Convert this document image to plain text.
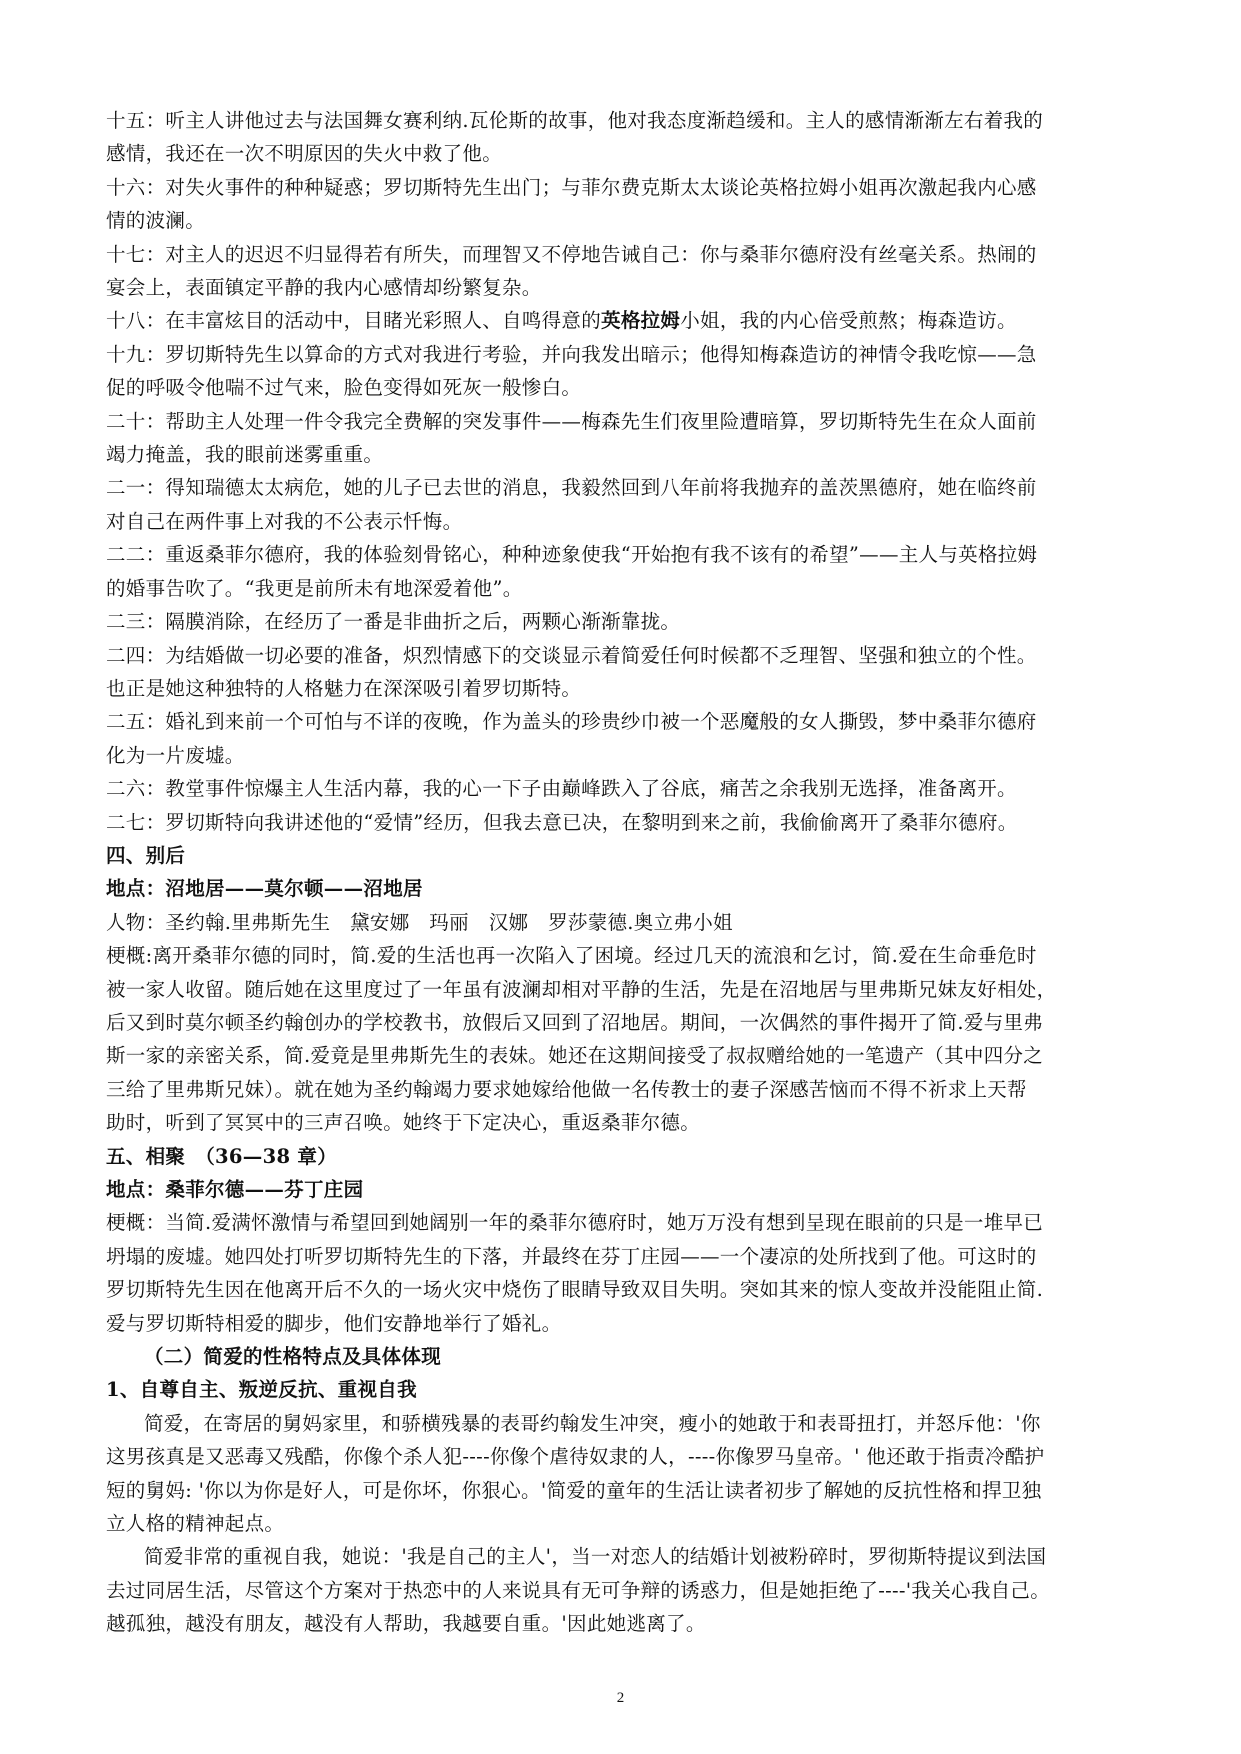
十五：听主人讲他过去与法国舞女赛利纳.瓦伦斯的故事，他对我态度渐趋缓和。主人的感情渐渐左右着我的
感情，我还在一次不明原因的失火中救了他。
十六：对失火事件的种种疑惑；罗切斯特先生出门；与菲尔费克斯太太谈论英格拉姆小姐再次激起我内心感
情的波澜。
十七：对主人的迟迟不归显得若有所失，而理智又不停地告诫自己：你与桑菲尔德府没有丝毫关系。热闹的
宴会上，表面镇定平静的我内心感情却纷繁复杂。
十八：在丰富炫目的活动中，目睹光彩照人、自鸣得意的英格拉姆小姐，我的内心倍受煎熬；梅森造访。
十九：罗切斯特先生以算命的方式对我进行考验，并向我发出暗示；他得知梅森造访的神情令我吃惊——急
促的呼吸令他喘不过气来，脸色变得如死灰一般惨白。
二十：帮助主人处理一件令我完全费解的突发事件——梅森先生们夜里险遭暗算，罗切斯特先生在众人面前
竭力掩盖，我的眼前迷雾重重。
二一：得知瑞德太太病危，她的儿子已去世的消息，我毅然回到八年前将我抛弃的盖茨黑德府，她在临终前
对自己在两件事上对我的不公表示忏悔。
二二：重返桑菲尔德府，我的体验刻骨铭心，种种迹象使我“开始抱有我不该有的希望”——主人与英格拉姆
的婚事告吹了。“我更是前所未有地深爱着他”。
二三：隔膜消除，在经历了一番是非曲折之后，两颗心渐渐靠拢。
二四：为结婚做一切必要的准备，炽烈情感下的交谈显示着简爱任何时候都不乏理智、坚强和独立的个性。
也正是她这种独特的人格魅力在深深吸引着罗切斯特。
二五：婚礼到来前一个可怕与不详的夜晚，作为盖头的珍贵纱巾被一个恶魔般的女人撕毁，梦中桑菲尔德府
化为一片废墟。
二六：教堂事件惊爆主人生活内幕，我的心一下子由巅峰跌入了谷底，痛苦之余我别无选择，准备离开。
二七：罗切斯特向我讲述他的“爱情”经历，但我去意已决，在黎明到来之前，我偷偷离开了桑菲尔德府。
四、别后
地点：沼地居——莫尔顿——沼地居
人物：圣约翰.里弗斯先生　黛安娜　玛丽　汉娜　罗莎蒙德.奥立弗小姐
梗概:离开桑菲尔德的同时，简.爱的生活也再一次陷入了困境。经过几天的流浪和乞讨，简.爱在生命垂危时
被一家人收留。随后她在这里度过了一年虽有波澜却相对平静的生活，先是在沼地居与里弗斯兄妹友好相处，
后又到时莫尔顿圣约翰创办的学校教书，放假后又回到了沼地居。期间，一次偶然的事件揭开了简.爱与里弗
斯一家的亲密关系，简.爱竟是里弗斯先生的表妹。她还在这期间接受了叔叔赠给她的一笔遗产（其中四分之
三给了里弗斯兄妹）。就在她为圣约翰竭力要求她嫁给他做一名传教士的妻子深感苦恼而不得不祈求上天帮
助时，听到了冥冥中的三声召唤。她终于下定决心，重返桑菲尔德。
五、相聚　（36—38 章）
地点：桑菲尔德——芬丁庄园
梗概：当简.爱满怀激情与希望回到她阔别一年的桑菲尔德府时，她万万没有想到呈现在眼前的只是一堆早已
坍塌的废墟。她四处打听罗切斯特先生的下落，并最终在芬丁庄园——一个凄凉的处所找到了他。可这时的
罗切斯特先生因在他离开后不久的一场火灾中烧伤了眼睛导致双目失明。突如其来的惊人变故并没能阻止简.
爱与罗切斯特相爱的脚步，他们安静地举行了婚礼。
（二）简爱的性格特点及具体体现
1、自尊自主、叛逆反抗、重视自我
简爱，在寄居的舅妈家里，和骄横残暴的表哥约翰发生冲突，瘦小的她敢于和表哥扭打，并怒斥他：'你
这男孩真是又恶毒又残酷，你像个杀人犯----你像个虐待奴隶的人，----你像罗马皇帝。' 他还敢于指责冷酷护
短的舅妈: '你以为你是好人，可是你坏，你狠心。'简爱的童年的生活让读者初步了解她的反抗性格和捍卫独
立人格的精神起点。
简爱非常的重视自我，她说：'我是自己的主人'，当一对恋人的结婚计划被粉碎时，罗彻斯特提议到法国
去过同居生活，尽管这个方案对于热恋中的人来说具有无可争辩的诱惑力，但是她拒绝了----'我关心我自己。
越孤独，越没有朋友，越没有人帮助，我越要自重。'因此她逃离了。
2
